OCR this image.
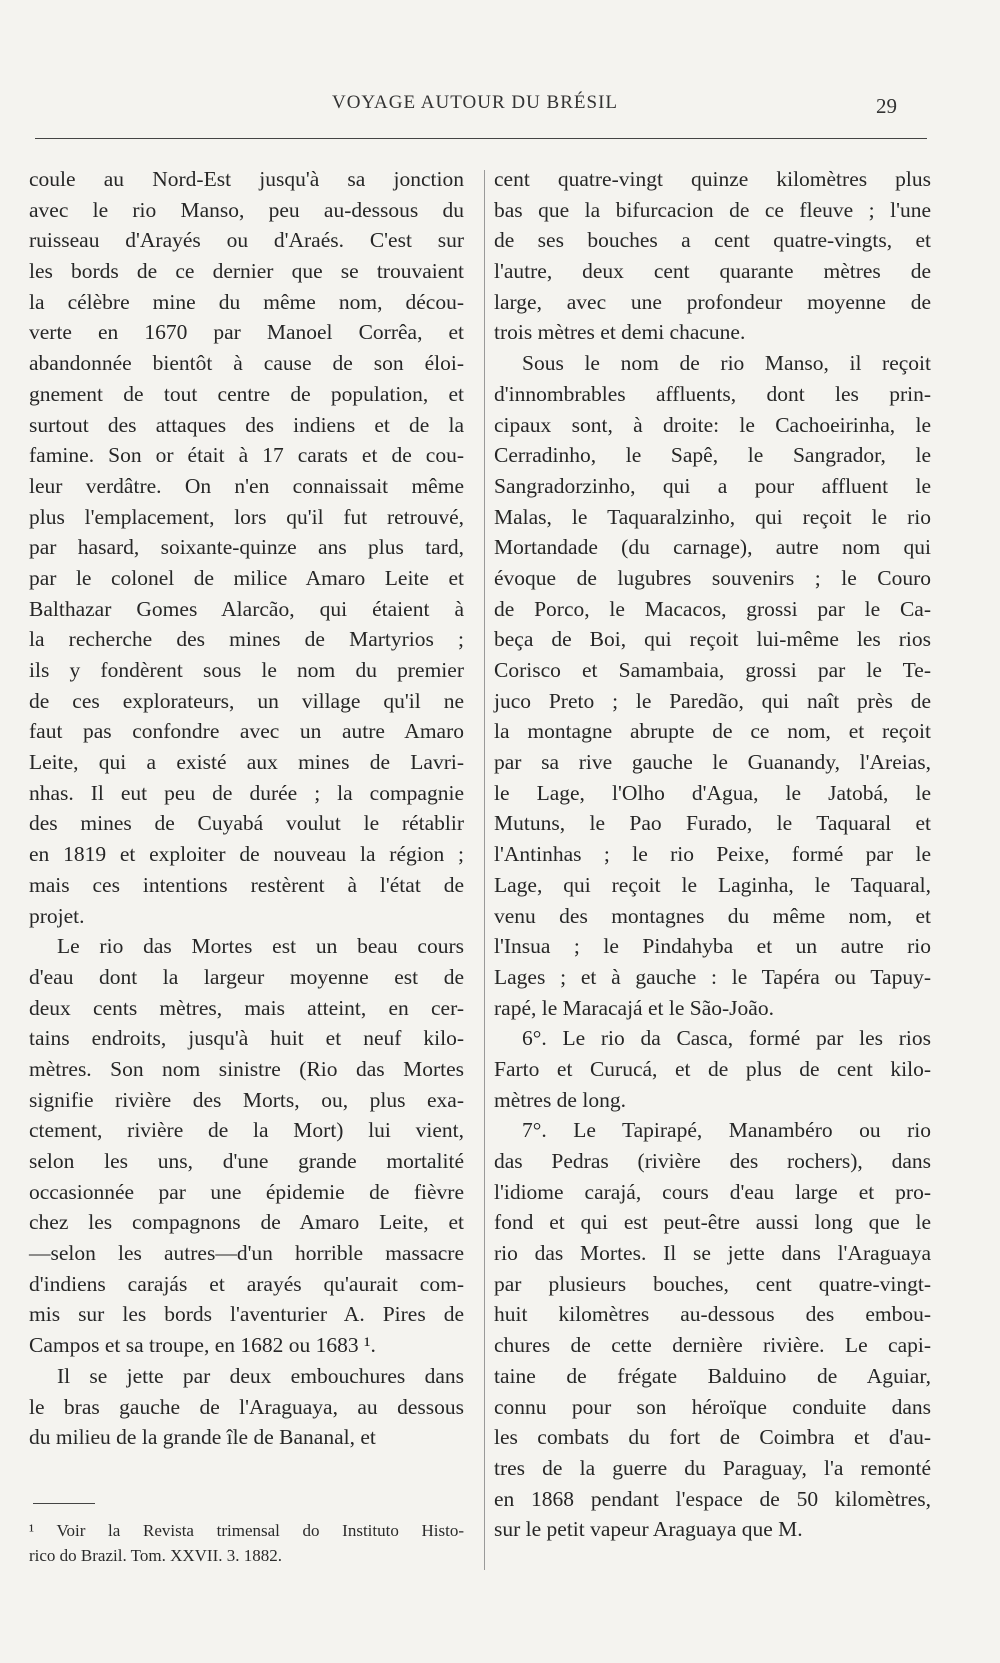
VOYAGE AUTOUR DU BRÉSIL	29
coule au Nord-Est jusqu'à sa jonction
avec le rio Manso, peu au-dessous du
ruisseau d'Arayés ou d'Araés. C'est sur
les bords de ce dernier que se trouvaient
la célèbre mine du même nom, décou-
verte en 1670 par Manoel Corrêa, et
abandonnée bientôt à cause de son éloi-
gnement de tout centre de population, et
surtout des attaques des indiens et de la
famine. Son or était à 17 carats et de cou-
leur verdâtre. On n'en connaissait même
plus l'emplacement, lors qu'il fut retrouvé,
par hasard, soixante-quinze ans plus tard,
par le colonel de milice Amaro Leite et
Balthazar Gomes Alarcão, qui étaient à
la recherche des mines de Martyrios ;
ils y fondèrent sous le nom du premier
de ces explorateurs, un village qu'il ne
faut pas confondre avec un autre Amaro
Leite, qui a existé aux mines de Lavri-
nhas. Il eut peu de durée ; la compagnie
des mines de Cuyabá voulut le rétablir
en 1819 et exploiter de nouveau la région ;
mais ces intentions restèrent à l'état de
projet.
Le rio das Mortes est un beau cours
d'eau dont la largeur moyenne est de
deux cents mètres, mais atteint, en cer-
tains endroits, jusqu'à huit et neuf kilo-
mètres. Son nom sinistre (Rio das Mortes
signifie rivière des Morts, ou, plus exa-
ctement, rivière de la Mort) lui vient,
selon les uns, d'une grande mortalité
occasionnée par une épidemie de fièvre
chez les compagnons de Amaro Leite, et
—selon les autres—d'un horrible massacre
d'indiens carajás et arayés qu'aurait com-
mis sur les bords l'aventurier A. Pires de
Campos et sa troupe, en 1682 ou 1683 ¹.
Il se jette par deux embouchures dans
le bras gauche de l'Araguaya, au dessous
du milieu de la grande île de Bananal, et
cent quatre-vingt quinze kilomètres plus
bas que la bifurcacion de ce fleuve ; l'une
de ses bouches a cent quatre-vingts, et
l'autre, deux cent quarante mètres de
large, avec une profondeur moyenne de
trois mètres et demi chacune.
Sous le nom de rio Manso, il reçoit
d'innombrables affluents, dont les prin-
cipaux sont, à droite: le Cachoeirinha, le
Cerradinho, le Sapê, le Sangrador, le
Sangradorzinho, qui a pour affluent le
Malas, le Taquaralzinho, qui reçoit le rio
Mortandade (du carnage), autre nom qui
évoque de lugubres souvenirs ; le Couro
de Porco, le Macacos, grossi par le Ca-
beça de Boi, qui reçoit lui-même les rios
Corisco et Samambaia, grossi par le Te-
juco Preto ; le Paredão, qui naît près de
la montagne abrupte de ce nom, et reçoit
par sa rive gauche le Guanandy, l'Areias,
le Lage, l'Olho d'Agua, le Jatobá, le
Mutuns, le Pao Furado, le Taquaral et
l'Antinhas ; le rio Peixe, formé par le
Lage, qui reçoit le Laginha, le Taquaral,
venu des montagnes du même nom, et
l'Insua ; le Pindahyba et un autre rio
Lages ; et à gauche : le Tapéra ou Tapuy-
rapé, le Maracajá et le São-João.
6°. Le rio da Casca, formé par les rios
Farto et Curucá, et de plus de cent kilo-
mètres de long.
7°. Le Tapirapé, Manambéro ou rio
das Pedras (rivière des rochers), dans
l'idiome carajá, cours d'eau large et pro-
fond et qui est peut-être aussi long que le
rio das Mortes. Il se jette dans l'Araguaya
par plusieurs bouches, cent quatre-vingt-
huit kilomètres au-dessous des embou-
chures de cette dernière rivière. Le capi-
taine de frégate Balduino de Aguiar,
connu pour son héroïque conduite dans
les combats du fort de Coimbra et d'au-
tres de la guerre du Paraguay, l'a remonté
en 1868 pendant l'espace de 50 kilomètres,
sur le petit vapeur Araguaya que M.
¹ Voir la Revista trimensal do Instituto Histo-
rico do Brazil. Tom. XXVII. 3. 1882.
